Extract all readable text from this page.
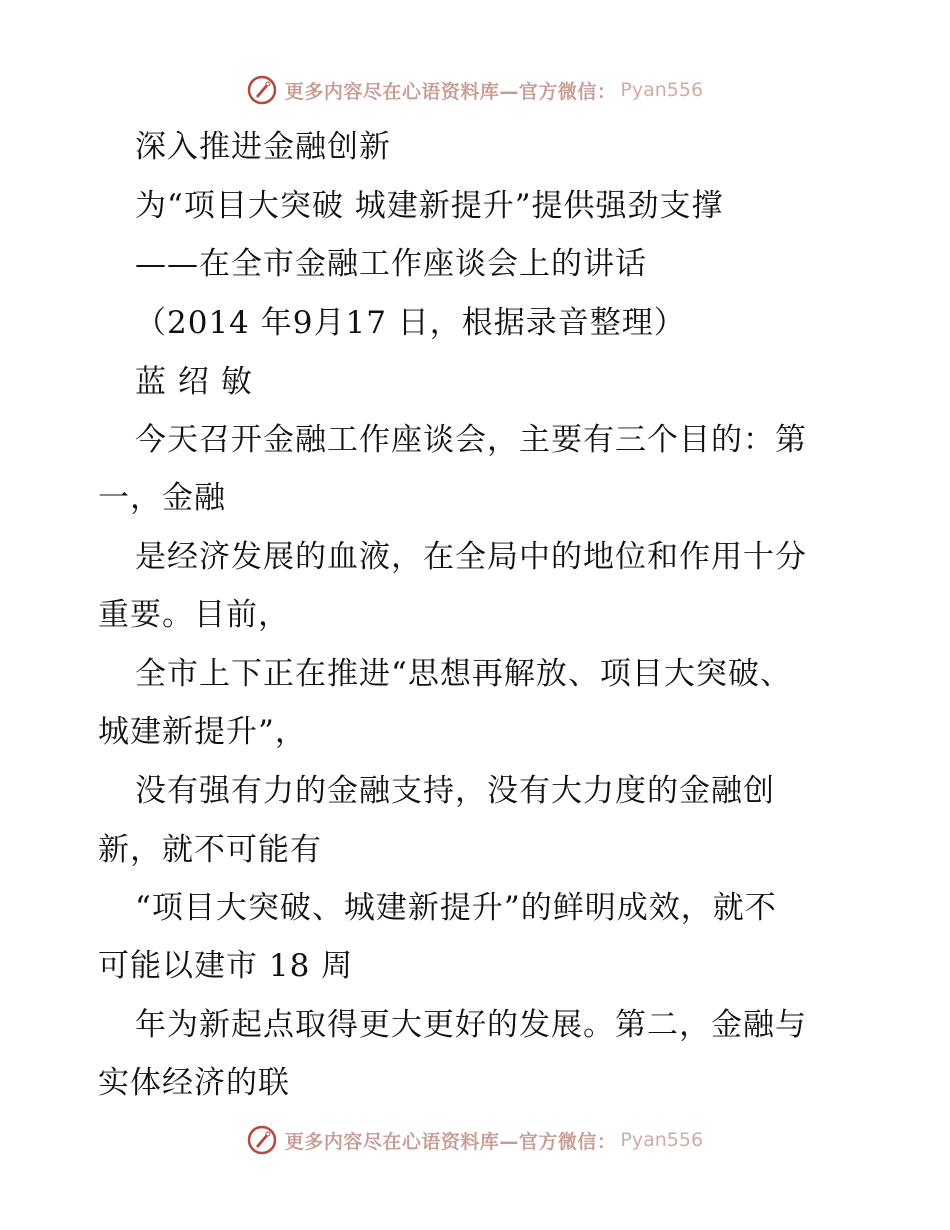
更多内容尽在心语资料库—官方微信： Pyan556
深入推进金融创新
为“项目大突破 城建新提升”提供强劲支撑
——在全市金融工作座谈会上的讲话
（2014 年9月17 日，根据录音整理）
蓝 绍 敏
今天召开金融工作座谈会，主要有三个目的：第
一，金融
是经济发展的血液，在全局中的地位和作用十分
重要。目前，
全市上下正在推进“思想再解放、项目大突破、
城建新提升”，
没有强有力的金融支持，没有大力度的金融创
新，就不可能有
“项目大突破、城建新提升”的鲜明成效，就不
可能以建市 18 周
年为新起点取得更大更好的发展。第二，金融与
实体经济的联
更多内容尽在心语资料库—官方微信： Pyan556
